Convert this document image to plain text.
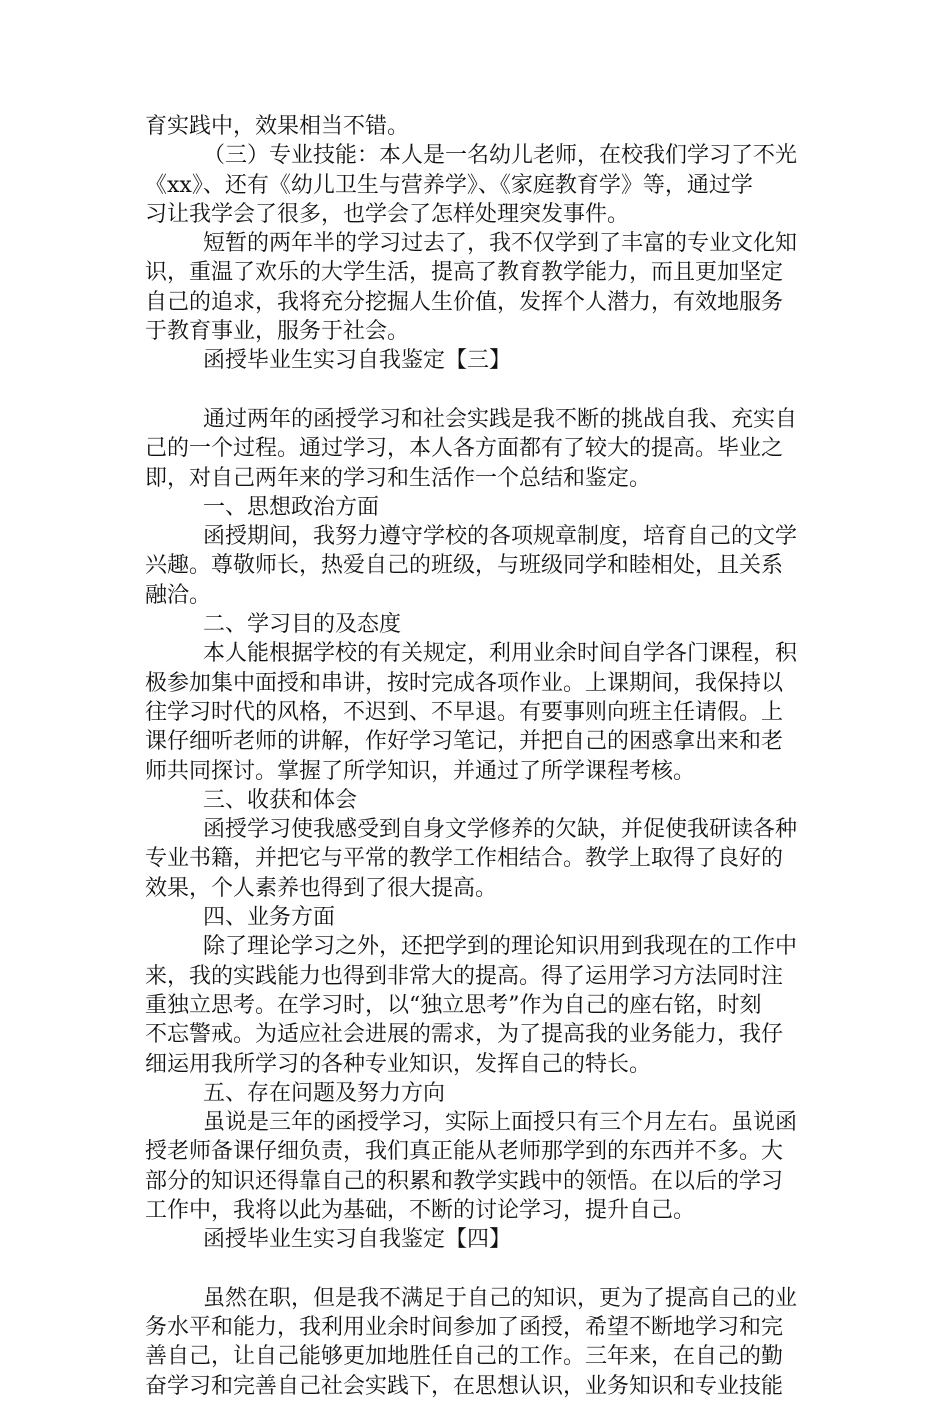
育实践中，效果相当不错。
（三）专业技能：本人是一名幼儿老师，在校我们学习了不光
《xx》、还有《幼儿卫生与营养学》、《家庭教育学》等，通过学
习让我学会了很多，也学会了怎样处理突发事件。
短暂的两年半的学习过去了，我不仅学到了丰富的专业文化知
识，重温了欢乐的大学生活，提高了教育教学能力，而且更加坚定
自己的追求，我将充分挖掘人生价值，发挥个人潜力，有效地服务
于教育事业，服务于社会。
函授毕业生实习自我鉴定【三】
通过两年的函授学习和社会实践是我不断的挑战自我、充实自
己的一个过程。通过学习，本人各方面都有了较大的提高。毕业之
即，对自己两年来的学习和生活作一个总结和鉴定。
一、思想政治方面
函授期间，我努力遵守学校的各项规章制度，培育自己的文学
兴趣。尊敬师长，热爱自己的班级，与班级同学和睦相处，且关系
融洽。
二、学习目的及态度
本人能根据学校的有关规定，利用业余时间自学各门课程，积
极参加集中面授和串讲，按时完成各项作业。上课期间，我保持以
往学习时代的风格，不迟到、不早退。有要事则向班主任请假。上
课仔细听老师的讲解，作好学习笔记，并把自己的困惑拿出来和老
师共同探讨。掌握了所学知识，并通过了所学课程考核。
三、收获和体会
函授学习使我感受到自身文学修养的欠缺，并促使我研读各种
专业书籍，并把它与平常的教学工作相结合。教学上取得了良好的
效果，个人素养也得到了很大提高。
四、业务方面
除了理论学习之外，还把学到的理论知识用到我现在的工作中
来，我的实践能力也得到非常大的提高。得了运用学习方法同时注
重独立思考。在学习时，以“独立思考”作为自己的座右铭，时刻
不忘警戒。为适应社会进展的需求，为了提高我的业务能力，我仔
细运用我所学习的各种专业知识，发挥自己的特长。
五、存在问题及努力方向
虽说是三年的函授学习，实际上面授只有三个月左右。虽说函
授老师备课仔细负责，我们真正能从老师那学到的东西并不多。大
部分的知识还得靠自己的积累和教学实践中的领悟。在以后的学习
工作中，我将以此为基础，不断的讨论学习，提升自己。
函授毕业生实习自我鉴定【四】
虽然在职，但是我不满足于自己的知识，更为了提高自己的业
务水平和能力，我利用业余时间参加了函授，希望不断地学习和完
善自己，让自己能够更加地胜任自己的工作。三年来，在自己的勤
奋学习和完善自己社会实践下，在思想认识，业务知识和专业技能
